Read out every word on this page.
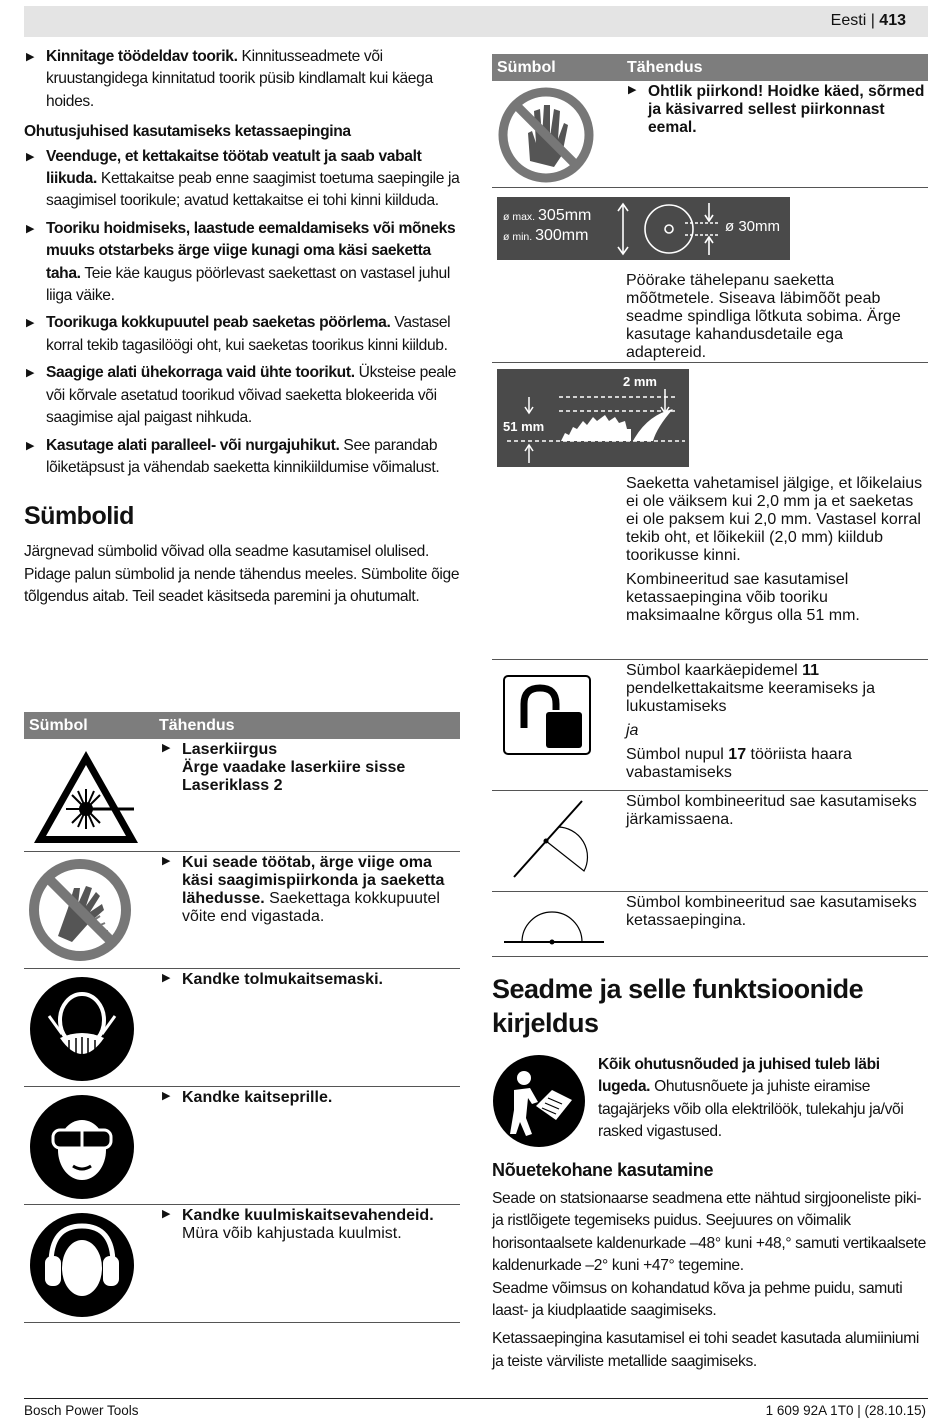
Eesti | 413
▶ Kinnitage töödeldav toorik. Kinnitusseadmete või kruustangidega kinnitatud toorik püsib kindlamalt kui käega hoides.
Ohutusjuhised kasutamiseks ketassaepingina
▶ Veenduge, et kettakaitse töötab veatult ja saab vabalt liikuda. Kettakaitse peab enne saagimist toetuma saepingile ja saagimisel toorikule; avatud kettakaitse ei tohi kinni kiilduda.
▶ Tooriku hoidmiseks, laastude eemaldamiseks või mõneks muuks otstarbeks ärge viige kunagi oma käsi saeketta taha. Teie käe kaugus pöörlevast saekettast on vastasel juhul liiga väike.
▶ Toorikuga kokkupuutel peab saeketas pöörlema. Vastasel korral tekib tagasilöögi oht, kui saeketas toorikus kinni kiildub.
▶ Saagige alati ühekorraga vaid ühte toorikut. Üksteise peale või kõrvale asetatud toorikud võivad saeketta blokeerida või saagimise ajal paigast nihkuda.
▶ Kasutage alati paralleel- või nurgajuhikut. See parandab lõiketäpsust ja vähendab saeketta kinnikiildumise võimalust.
Sümbolid

Järgnevad sümbolid võivad olla seadme kasutamisel olulised. Pidage palun sümbolid ja nende tähendus meeles. Sümbolite õige tõlgendus aitab. Teil seadet käsitseda paremini ja ohutumalt.

Sümbol	Tähendus
▶ Laserkiirgus
Ärge vaadake laserkiire sisse
Laseriklass 2
▶ Kui seade töötab, ärge viige oma käsi saagimispiirkonda ja saeketta lähedusse. Saekettaga kokkupuutel võite end vigastada.
▶ Kandke tolmukaitsemaski.
▶ Kandke kaitseprille.
▶ Kandke kuulmiskaitsevahendeid.
Müra võib kahjustada kuulmist.
Sümbol	Tähendus
▶ Ohtlik piirkond! Hoidke käed, sõrmed ja käsivarred sellest piirkonnast eemal.
ø max. 305mm
ø min. 300mm
ø 30mm
Pöörake tähelepanu saeketta mõõtmetele. Siseava läbimõõt peab seadme spindliga lõtkuta sobima. Ärge kasutage kahandusdetaile ega adaptereid.
2 mm
51 mm

Saeketta vahetamisel jälgige, et lõikelaius ei ole väiksem kui 2,0 mm ja et saeketas ei ole paksem kui 2,0 mm. Vastasel korral tekib oht, et lõikekiil (2,0 mm) kiildub toorikusse kinni.

Kombineeritud sae kasutamisel ketassaepingina võib tooriku maksimaalne kõrgus olla 51 mm.

Sümbol kaarkäepidemel 11 pendelkettakaitsme keeramiseks ja lukustamiseks

ja

Sümbol nupul 17 tööriista haara vabastamiseks

Sümbol kombineeritud sae kasutamiseks järkamissaena.
Sümbol kombineeritud sae kasutamiseks ketassaepingina.
Seadme ja selle funktsioonide kirjeldus
Kõik ohutusnõuded ja juhised tuleb läbi lugeda. Ohutusnõuete ja juhiste eiramise tagajärjeks võib olla elektrilöök, tulekahju ja/või rasked vigastused.
Nõuetekohane kasutamine

Seade on statsionaarse seadmena ette nähtud sirgjooneliste piki- ja ristlõigete tegemiseks puidus. Seejuures on võimalik horisontaalsete kaldenurkade –48° kuni +48,° samuti vertikaalsete kaldenurkade –2° kuni +47° tegemine.

Seadme võimsus on kohandatud kõva ja pehme puidu, samuti laast- ja kiudplaatide saagimiseks.

Ketassaepingina kasutamisel ei tohi seadet kasutada alumiiniumi ja teiste värviliste metallide saagimiseks.

Bosch Power Tools	1 609 92A 1T0 | (28.10.15)
